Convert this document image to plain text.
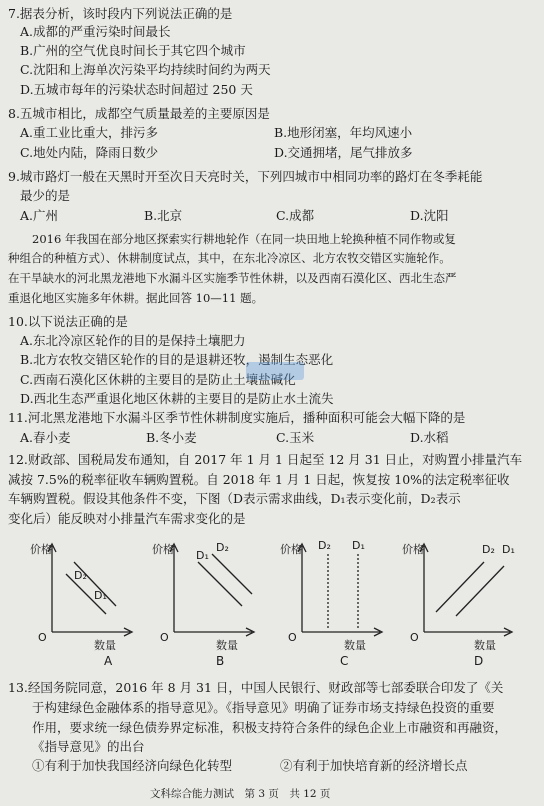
7.据表分析，该时段内下列说法正确的是
A.成都的严重污染时间最长
B.广州的空气优良时间长于其它四个城市
C.沈阳和上海单次污染平均持续时间约为两天
D.五城市每年的污染状态时间超过 250 天
8.五城市相比，成都空气质量最差的主要原因是
A.重工业比重大，排污多	B.地形闭塞，年均风速小
C.地处内陆，降雨日数少	D.交通拥堵，尾气排放多
9.城市路灯一般在天黑时开至次日天亮时关，下列四城市中相同功率的路灯在冬季耗能
最少的是
A.广州	B.北京	C.成都	D.沈阳
2016 年我国在部分地区探索实行耕地轮作（在同一块田地上轮换种植不同作物或复
种组合的种植方式）、休耕制度试点，其中，在东北冷凉区、北方农牧交错区实施轮作。
在干旱缺水的河北黑龙港地下水漏斗区实施季节性休耕，以及西南石漠化区、西北生态严
重退化地区实施多年休耕。据此回答 10—11 题。
10.以下说法正确的是
A.东北冷凉区轮作的目的是保持土壤肥力
B.北方农牧交错区轮作的目的是退耕还牧，遏制生态恶化
C.西南石漠化区休耕的主要目的是防止土壤盐碱化
D.西北生态严重退化地区休耕的主要目的是防止水土流失
11.河北黑龙港地下水漏斗区季节性休耕制度实施后，播种面积可能会大幅下降的是
A.春小麦	B.冬小麦	C.玉米	D.水稻
12.财政部、国税局发布通知，自 2017 年 1 月 1 日起至 12 月 31 日止，对购置小排量汽车
减按 7.5%的税率征收车辆购置税。自 2018 年 1 月 1 日起，恢复按 10%的法定税率征收
车辆购置税。假设其他条件不变，下图（D表示需求曲线，D₁表示变化前，D₂表示
变化后）能反映对小排量汽车需求变化的是
价格
D₂
D₁
O
数量
A
价格 D₁
D₂
O
数量
B
价格 D₂ D₁
O
数量
C
D₂ D₁
价格
O
数量
D
13.经国务院同意，2016 年 8 月 31 日，中国人民银行、财政部等七部委联合印发了《关
于构建绿色金融体系的指导意见》。《指导意见》明确了证券市场支持绿色投资的重要
作用，要求统一绿色债券界定标准，积极支持符合条件的绿色企业上市融资和再融资，
《指导意见》的出台
①有利于加快我国经济向绿色化转型	②有利于加快培育新的经济增长点
文科综合能力测试　第 3 页　共 12 页
